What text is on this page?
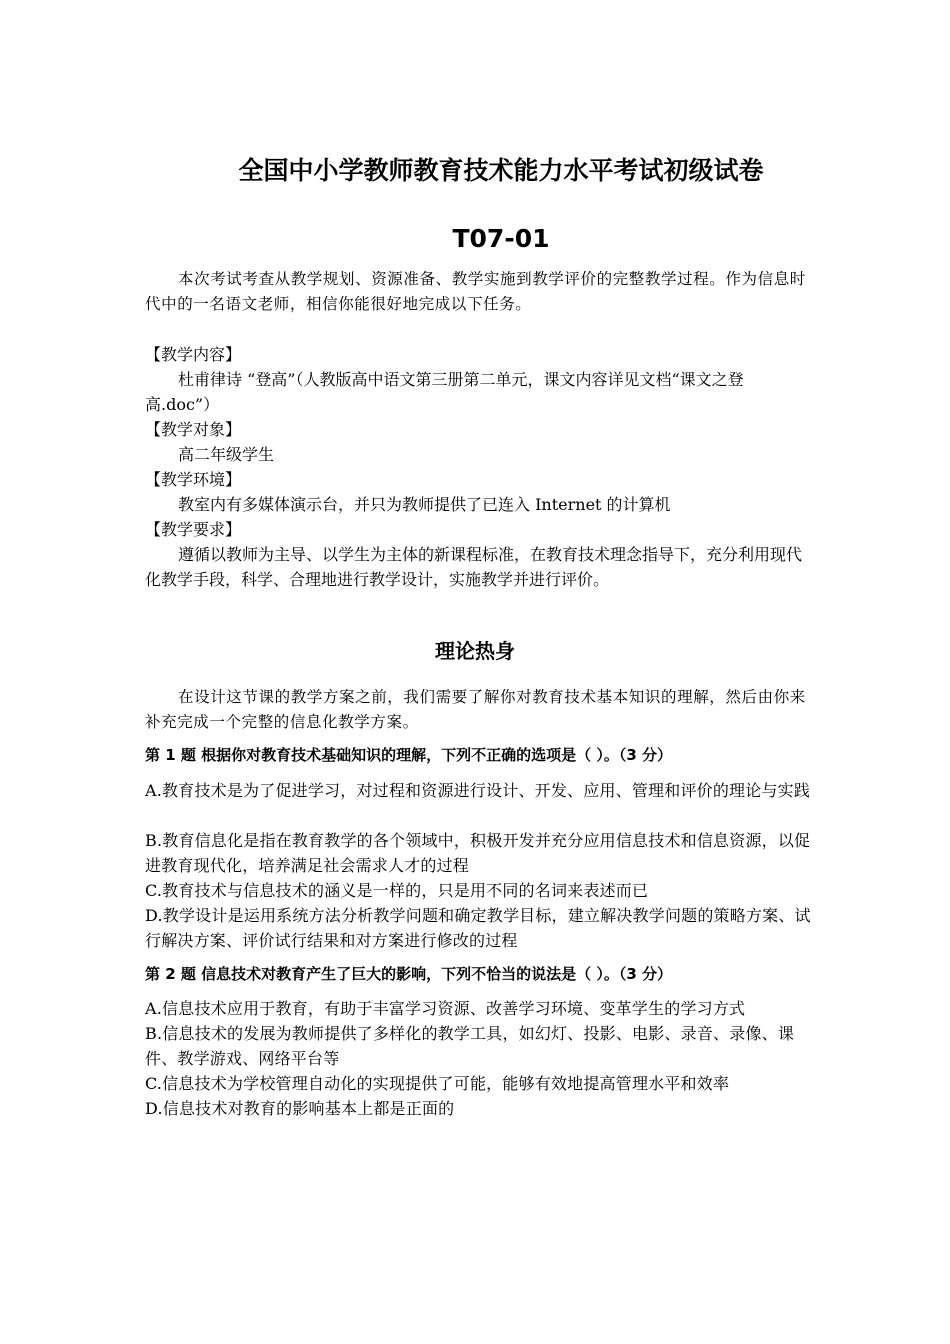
全国中小学教师教育技术能力水平考试初级试卷
T07-01

本次考试考查从教学规划、资源准备、教学实施到教学评价的完整教学过程。作为信息时代中的一名语文老师，相信你能很好地完成以下任务。

【教学内容】

杜甫律诗 “登高”（人教版高中语文第三册第二单元，课文内容详见文档“课文之登高.doc”）

【教学对象】

高二年级学生

【教学环境】

教室内有多媒体演示台，并只为教师提供了已连入 Internet 的计算机

【教学要求】

遵循以教师为主导、以学生为主体的新课程标准，在教育技术理念指导下，充分利用现代化教学手段，科学、合理地进行教学设计，实施教学并进行评价。

理论热身

在设计这节课的教学方案之前，我们需要了解你对教育技术基本知识的理解，然后由你来补充完成一个完整的信息化教学方案。

第 1 题 根据你对教育技术基础知识的理解，下列不正确的选项是（ ）。（3 分）

A.教育技术是为了促进学习，对过程和资源进行设计、开发、应用、管理和评价的理论与实践

B.教育信息化是指在教育教学的各个领域中，积极开发并充分应用信息技术和信息资源，以促进教育现代化，培养满足社会需求人才的过程

C.教育技术与信息技术的涵义是一样的，只是用不同的名词来表述而已

D.教学设计是运用系统方法分析教学问题和确定教学目标，建立解决教学问题的策略方案、试行解决方案、评价试行结果和对方案进行修改的过程

第 2 题 信息技术对教育产生了巨大的影响，下列不恰当的说法是（ ）。（3 分）

A.信息技术应用于教育，有助于丰富学习资源、改善学习环境、变革学生的学习方式

B.信息技术的发展为教师提供了多样化的教学工具，如幻灯、投影、电影、录音、录像、课件、教学游戏、网络平台等

C.信息技术为学校管理自动化的实现提供了可能，能够有效地提高管理水平和效率

D.信息技术对教育的影响基本上都是正面的
